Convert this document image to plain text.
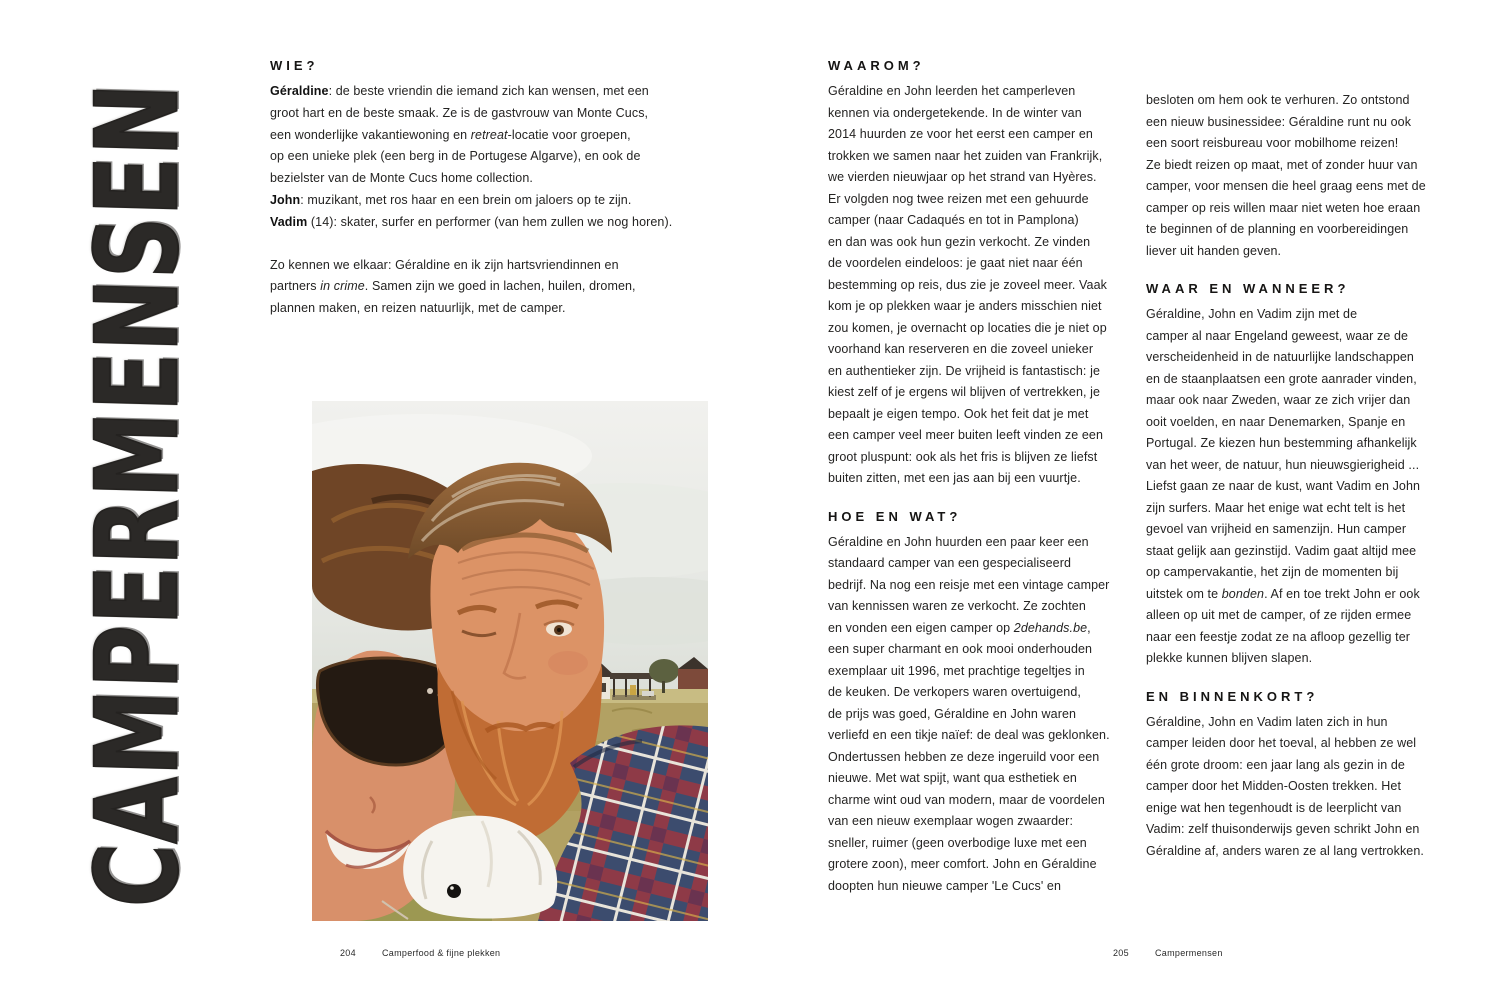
CAMPERMENSEN
WIE?

Géraldine: de beste vriendin die iemand zich kan wensen, met een
groot hart en de beste smaak. Ze is de gastvrouw van Monte Cucs,
een wonderlijke vakantiewoning en retreat-locatie voor groepen,
op een unieke plek (een berg in de Portugese Algarve), en ook de
bezielster van de Monte Cucs home collection.
John: muzikant, met ros haar en een brein om jaloers op te zijn.
Vadim (14): skater, surfer en performer (van hem zullen we nog horen).

Zo kennen we elkaar: Géraldine en ik zijn hartsvriendinnen en
partners in crime. Samen zijn we goed in lachen, huilen, dromen,
plannen maken, en reizen natuurlijk, met de camper.

WAAROM?

Géraldine en John leerden het camperleven
kennen via ondergetekende. In de winter van
2014 huurden ze voor het eerst een camper en
trokken we samen naar het zuiden van Frankrijk,
we vierden nieuwjaar op het strand van Hyères.
Er volgden nog twee reizen met een gehuurde
camper (naar Cadaqués en tot in Pamplona)
en dan was ook hun gezin verkocht. Ze vinden
de voordelen eindeloos: je gaat niet naar één
bestemming op reis, dus zie je zoveel meer. Vaak
kom je op plekken waar je anders misschien niet
zou komen, je overnacht op locaties die je niet op
voorhand kan reserveren en die zoveel unieker
en authentieker zijn. De vrijheid is fantastisch: je
kiest zelf of je ergens wil blijven of vertrekken, je
bepaalt je eigen tempo. Ook het feit dat je met
een camper veel meer buiten leeft vinden ze een
groot pluspunt: ook als het fris is blijven ze liefst
buiten zitten, met een jas aan bij een vuurtje.

HOE EN WAT?

Géraldine en John huurden een paar keer een
standaard camper van een gespecialiseerd
bedrijf. Na nog een reisje met een vintage camper
van kennissen waren ze verkocht. Ze zochten
en vonden een eigen camper op 2dehands.be,
een super charmant en ook mooi onderhouden
exemplaar uit 1996, met prachtige tegeltjes in
de keuken. De verkopers waren overtuigend,
de prijs was goed, Géraldine en John waren
verliefd en een tikje naïef: de deal was geklonken.
Ondertussen hebben ze deze ingeruild voor een
nieuwe. Met wat spijt, want qua esthetiek en
charme wint oud van modern, maar de voordelen
van een nieuw exemplaar wogen zwaarder:
sneller, ruimer (geen overbodige luxe met een
grotere zoon), meer comfort. John en Géraldine
doopten hun nieuwe camper 'Le Cucs' en

besloten om hem ook te verhuren. Zo ontstond
een nieuw businessidee: Géraldine runt nu ook
een soort reisbureau voor mobilhome reizen!
Ze biedt reizen op maat, met of zonder huur van
camper, voor mensen die heel graag eens met de
camper op reis willen maar niet weten hoe eraan
te beginnen of de planning en voorbereidingen
liever uit handen geven.

WAAR EN WANNEER?

Géraldine, John en Vadim zijn met de
camper al naar Engeland geweest, waar ze de
verscheidenheid in de natuurlijke landschappen
en de staanplaatsen een grote aanrader vinden,
maar ook naar Zweden, waar ze zich vrijer dan
ooit voelden, en naar Denemarken, Spanje en
Portugal. Ze kiezen hun bestemming afhankelijk
van het weer, de natuur, hun nieuwsgierigheid ...
Liefst gaan ze naar de kust, want Vadim en John
zijn surfers. Maar het enige wat echt telt is het
gevoel van vrijheid en samenzijn. Hun camper
staat gelijk aan gezinstijd. Vadim gaat altijd mee
op campervakantie, het zijn de momenten bij
uitstek om te bonden. Af en toe trekt John er ook
alleen op uit met de camper, of ze rijden ermee
naar een feestje zodat ze na afloop gezellig ter
plekke kunnen blijven slapen.

EN BINNENKORT?

Géraldine, John en Vadim laten zich in hun
camper leiden door het toeval, al hebben ze wel
één grote droom: een jaar lang als gezin in de
camper door het Midden-Oosten trekken. Het
enige wat hen tegenhoudt is de leerplicht van
Vadim: zelf thuisonderwijs geven schrikt John en
Géraldine af, anders waren ze al lang vertrokken.

204	Camperfood & fijne plekken	205	Campermensen
